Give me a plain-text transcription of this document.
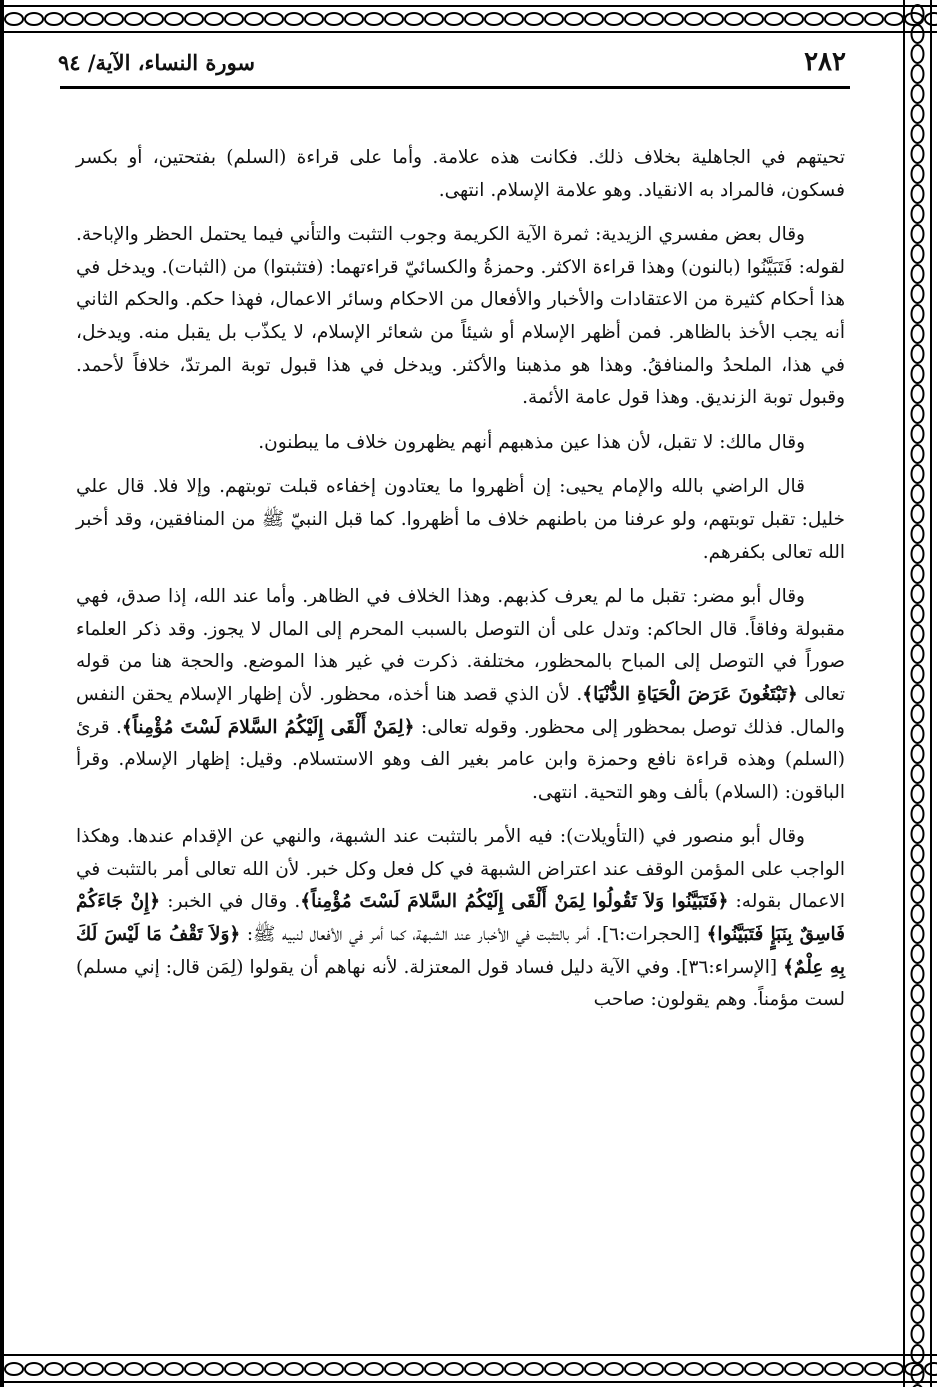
٢٨٢
سورة النساء، الآية/ ٩٤

تحيتهم في الجاهلية بخلاف ذلك. فكانت هذه علامة. وأما على قراءة (السلم) بفتحتين، أو بكسر فسكون، فالمراد به الانقياد. وهو علامة الإسلام. انتهى.

وقال بعض مفسري الزيدية: ثمرة الآية الكريمة وجوب التثبت والتأني فيما يحتمل الحظر والإباحة. لقوله: فَتَبَيَّنُوا (بالنون) وهذا قراءة الاكثر. وحمزةُ والكسائيّ قراءتهما: (فتثبتوا) من (الثبات). ويدخل في هذا أحكام كثيرة من الاعتقادات والأخبار والأفعال من الاحكام وسائر الاعمال، فهذا حكم. والحكم الثاني أنه يجب الأخذ بالظاهر. فمن أظهر الإسلام أو شيئاً من شعائر الإسلام، لا يكذّب بل يقبل منه. ويدخل، في هذا، الملحدُ والمنافقُ. وهذا هو مذهبنا والأكثر. ويدخل في هذا قبول توبة المرتدّ، خلافاً لأحمد. وقبول توبة الزنديق. وهذا قول عامة الأئمة.

وقال مالك: لا تقبل، لأن هذا عين مذهبهم أنهم يظهرون خلاف ما يبطنون.

قال الراضي بالله والإمام يحيى: إن أظهروا ما يعتادون إخفاءه قبلت توبتهم. وإلا فلا. قال علي خليل: تقبل توبتهم، ولو عرفنا من باطنهم خلاف ما أظهروا. كما قبل النبيّ ﷺ من المنافقين، وقد أخبر الله تعالى بكفرهم.

وقال أبو مضر: تقبل ما لم يعرف كذبهم. وهذا الخلاف في الظاهر. وأما عند الله، إذا صدق، فهي مقبولة وفاقاً. قال الحاكم: وتدل على أن التوصل بالسبب المحرم إلى المال لا يجوز. وقد ذكر العلماء صوراً في التوصل إلى المباح بالمحظور، مختلفة. ذكرت في غير هذا الموضع. والحجة هنا من قوله تعالى ﴿تَبْتَغُونَ عَرَضَ الْحَيَاةِ الدُّنْيَا﴾. لأن الذي قصد هنا أخذه، محظور. لأن إظهار الإسلام يحقن النفس والمال. فذلك توصل بمحظور إلى محظور. وقوله تعالى: ﴿لِمَنْ أَلْقَى إِلَيْكُمُ السَّلامَ لَسْتَ مُؤْمِناً﴾. قرئ (السلم) وهذه قراءة نافع وحمزة وابن عامر بغير الف وهو الاستسلام. وقيل: إظهار الإسلام. وقرأ الباقون: (السلام) بألف وهو التحية. انتهى.

وقال أبو منصور في (التأويلات): فيه الأمر بالتثبت عند الشبهة، والنهي عن الإقدام عندها. وهكذا الواجب على المؤمن الوقف عند اعتراض الشبهة في كل فعل وكل خبر. لأن الله تعالى أمر بالتثبت في الاعمال بقوله: ﴿فَتَبَيَّنُوا وَلاَ تَقُولُوا لِمَنْ أَلْقَى إِلَيْكُمُ السَّلامَ لَسْتَ مُؤْمِناً﴾. وقال في الخبر: ﴿إِنْ جَاءَكُمْ فَاسِقٌ بِنَبَإٍ فَتَبَيَّنُوا﴾ [الحجرات:٦]. أمر بالتثبت في الأخبار عند الشبهة، كما أمر في الأفعال لنبيه ﷺ: ﴿وَلاَ تَقْفُ مَا لَيْسَ لَكَ بِهِ عِلْمٌ﴾ [الإسراء:٣٦]. وفي الآية دليل فساد قول المعتزلة. لأنه نهاهم أن يقولوا (لِمَن قال: إني مسلم) لست مؤمناً. وهم يقولون: صاحب
